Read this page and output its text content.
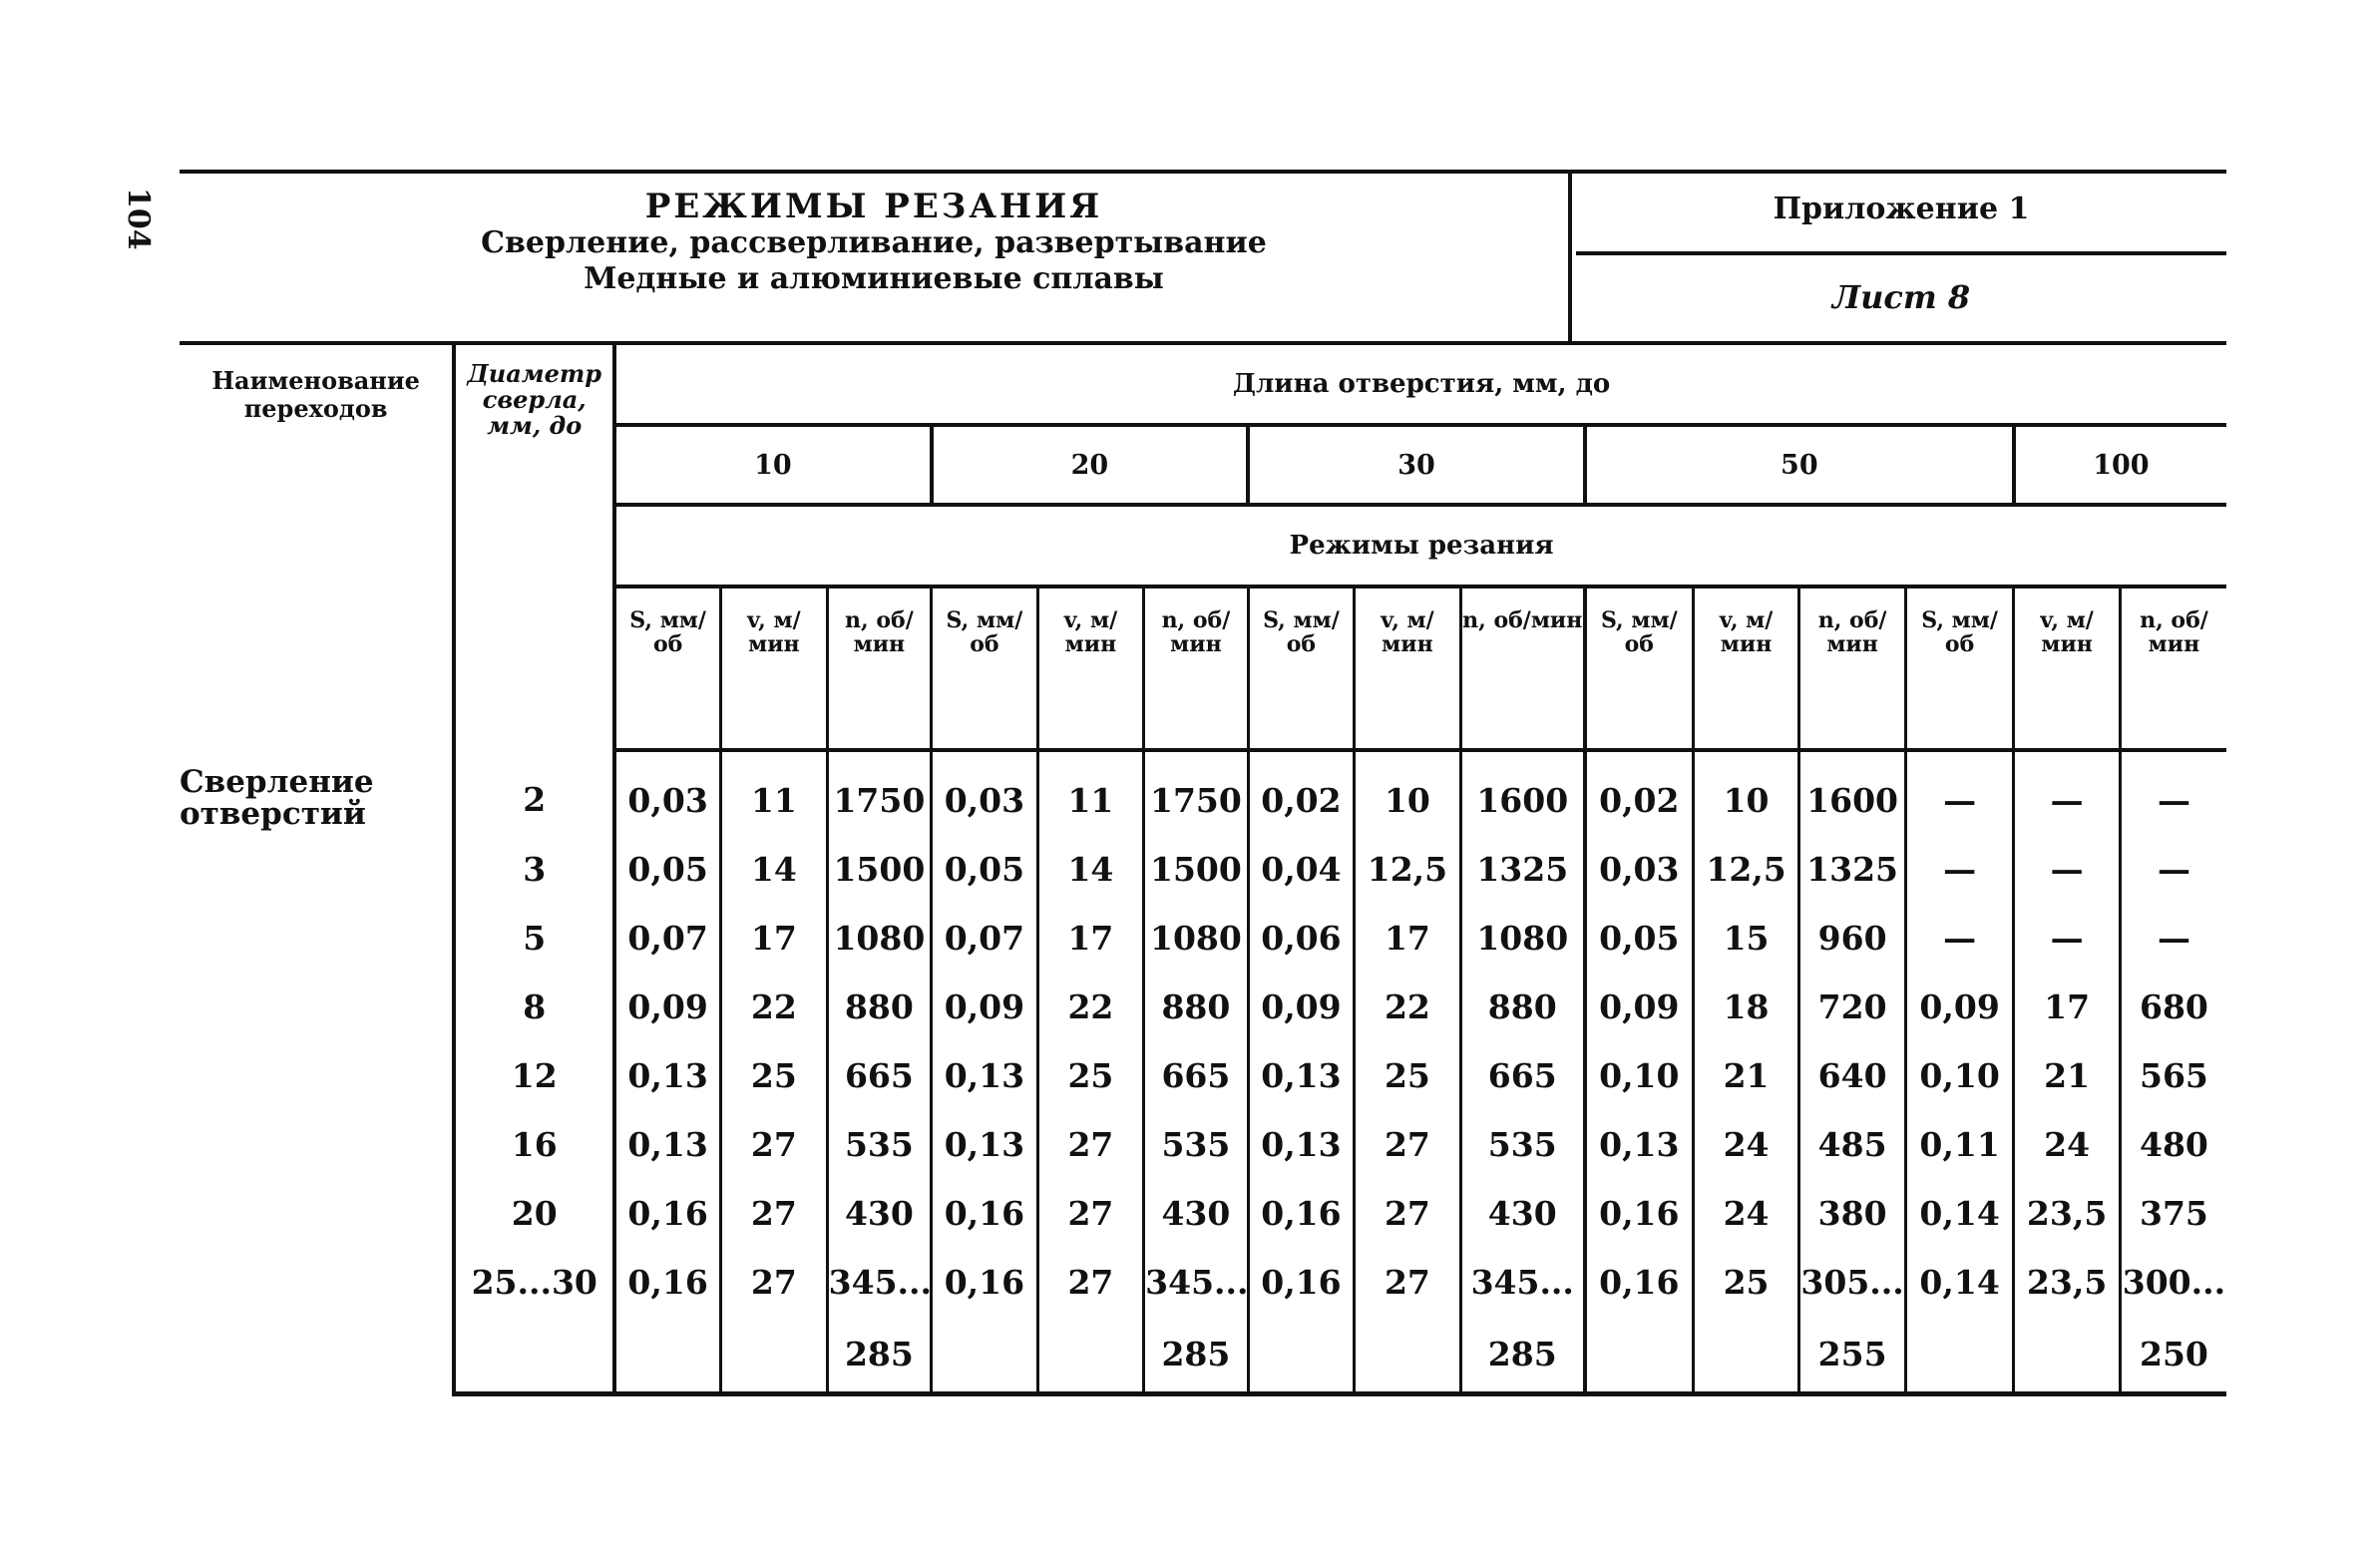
104	РЕЖИМЫ РЕЗАНИЯ
Сверление, рассверливание, развертывание
Медные и алюминиевые сплавы
Приложение 1
Лист 8
Наименование переходов	Диаметр сверла, мм, до	Длина отверстия, мм, до														
		10			20			30			50				100	
		Режимы резания														
		S, мм/об	v, м/мин	n, об/мин	S, мм/об	v, м/мин	n, об/мин	S, мм/об	v, м/мин	n, об/мин	S, мм/об	v, м/мин	n, об/мин	S, мм/об	v, м/мин	n, об/мин
Сверление отверстий	2	0,03	11	1750	0,03	11	1750	0,02	10	1600	0,02	10	1600	—	—	—
	3	0,05	14	1500	0,05	14	1500	0,04	12,5	1325	0,03	12,5	1325	—	—	—
	5	0,07	17	1080	0,07	17	1080	0,06	17	1080	0,05	15	960	—	—	—
	8	0,09	22	880	0,09	22	880	0,09	22	880	0,09	18	720	0,09	17	680
	12	0,13	25	665	0,13	25	665	0,13	25	665	0,10	21	640	0,10	21	565
	16	0,13	27	535	0,13	27	535	0,13	27	535	0,13	24	485	0,11	24	480
	20	0,16	27	430	0,16	27	430	0,16	27	430	0,16	24	380	0,14	23,5	375
	25...30	0,16	27	345...	0,16	27	345...	0,16	27	345...	0,16	25	305...	0,14	23,5	300...
				285			285			285			255			250
